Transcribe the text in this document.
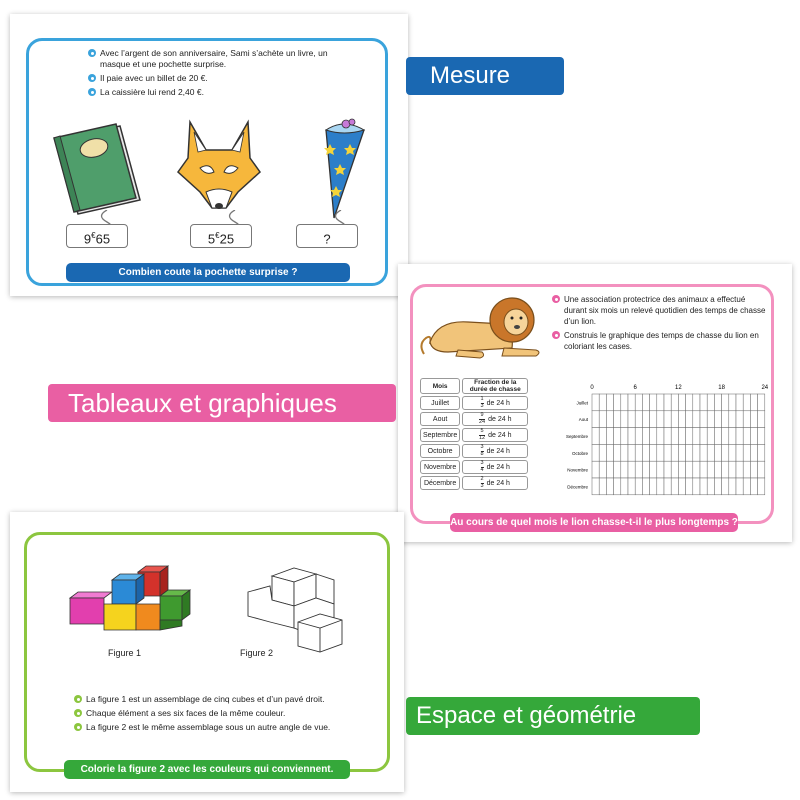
Avec l’argent de son anniversaire, Sami s’achète un livre, un masque et une pochette surprise.
Il paie avec un billet de 20 €.
La caissière lui rend 2,40 €.
9€65	5€25	?
Combien coute la pochette surprise ?
Mesure
Une association protectrice des animaux a effectué durant six mois un relevé quotidien des temps de chasse d’un lion.
Construis le graphique des temps de chasse du lion en coloriant les cases.
Mois	Fraction de la durée de chasse
Juillet	$\frac{1}{3}$ de 24 h
Aout	$\frac{9}{24}$ de 24 h
Septembre	$\frac{5}{12}$ de 24 h
Octobre	$\frac{3}{8}$ de 24 h
Novembre	$\frac{3}{4}$ de 24 h
Décembre	$\frac{2}{3}$ de 24 h
0	6	12	18	24
Juillet
Aout
Septembre
Octobre
Novembre
Décembre
Au cours de quel mois le lion chasse-t-il le plus longtemps ?
Tableaux et graphiques
Figure 1	Figure 2
La figure 1 est un assemblage de cinq cubes et d’un pavé droit.
Chaque élément a ses six faces de la même couleur.
La figure 2 est le même assemblage sous un autre angle de vue.
Colorie la figure 2 avec les couleurs qui conviennent.
Espace et géométrie
